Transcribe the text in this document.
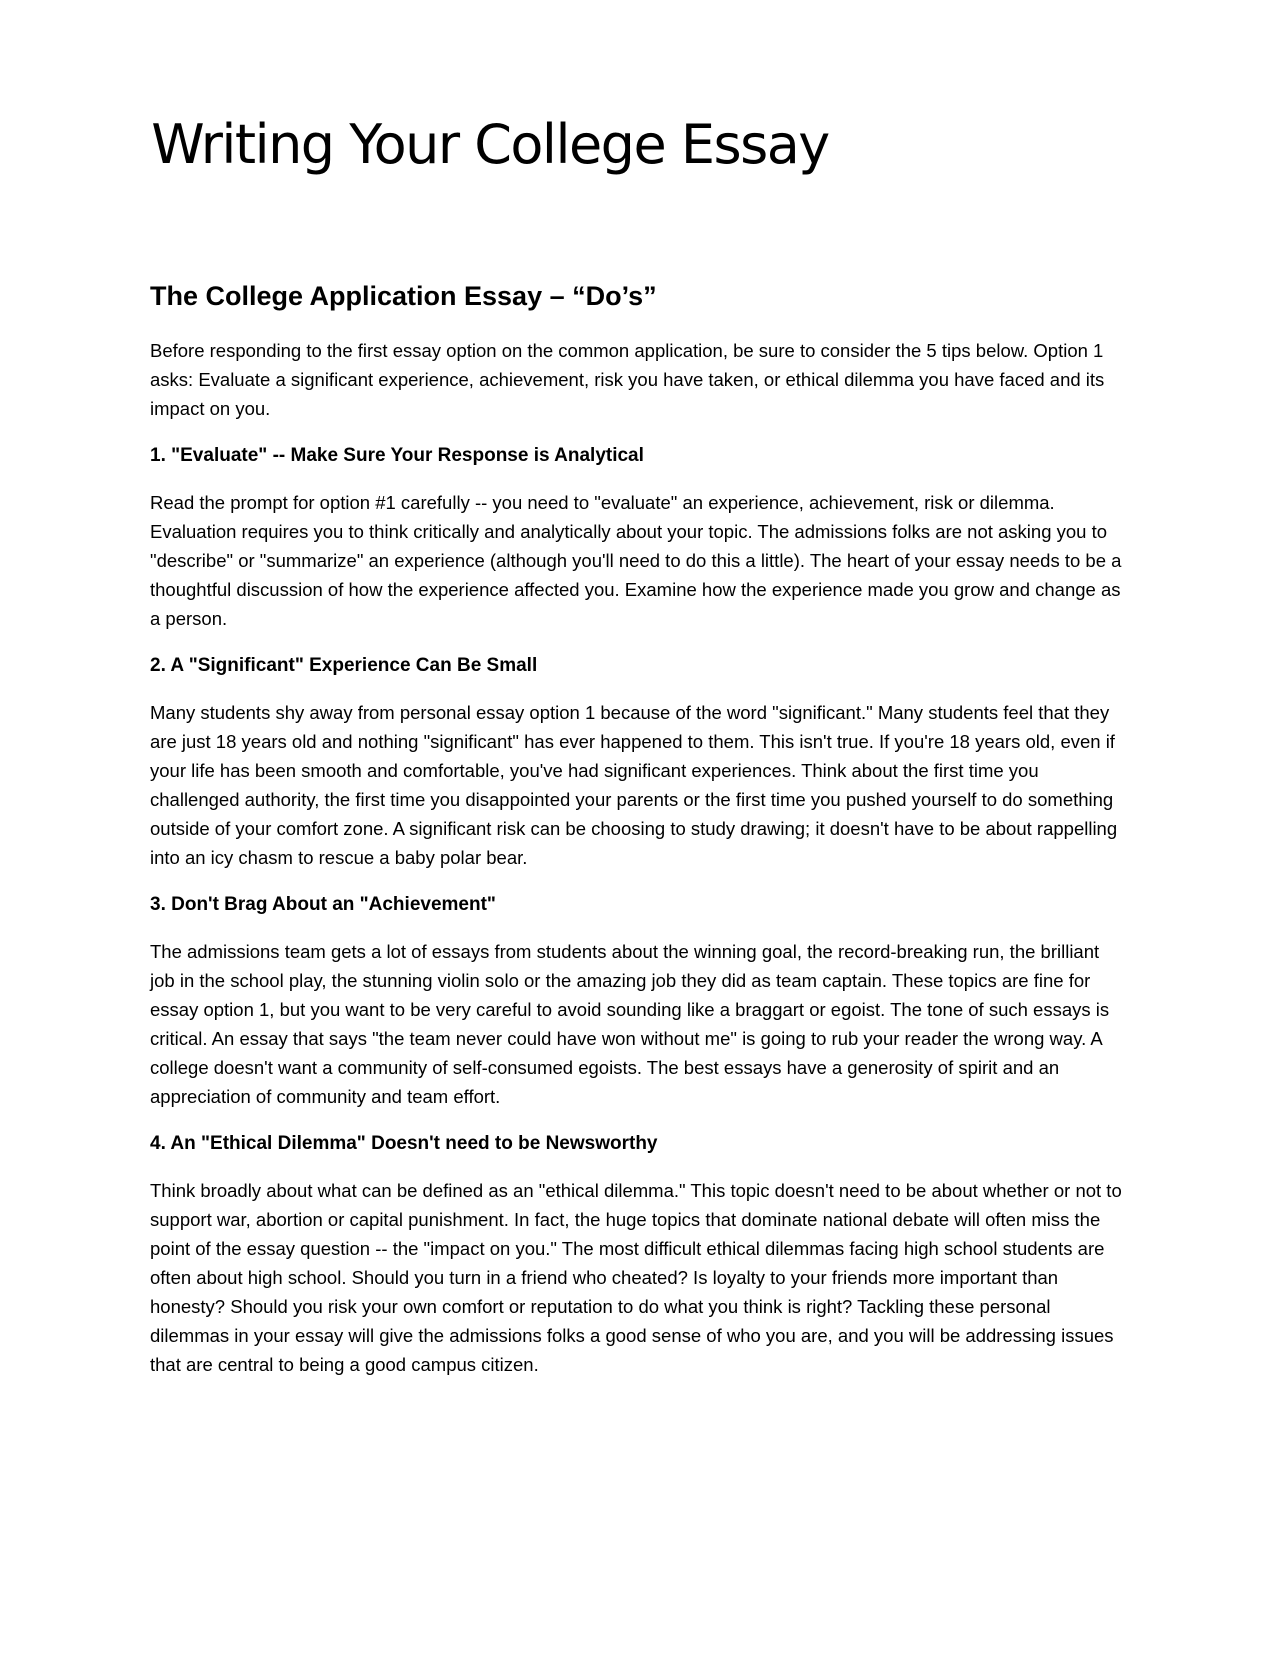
Writing Your College Essay
The College Application Essay – “Do’s”

Before responding to the first essay option on the common application, be sure to consider the 5 tips below. Option 1 asks: Evaluate a significant experience, achievement, risk you have taken, or ethical dilemma you have faced and its impact on you.

1. "Evaluate" -- Make Sure Your Response is Analytical

Read the prompt for option #1 carefully -- you need to "evaluate" an experience, achievement, risk or dilemma. Evaluation requires you to think critically and analytically about your topic. The admissions folks are not asking you to "describe" or "summarize" an experience (although you'll need to do this a little). The heart of your essay needs to be a thoughtful discussion of how the experience affected you. Examine how the experience made you grow and change as a person.

2. A "Significant" Experience Can Be Small

Many students shy away from personal essay option 1 because of the word "significant." Many students feel that they are just 18 years old and nothing "significant" has ever happened to them. This isn't true. If you're 18 years old, even if your life has been smooth and comfortable, you've had significant experiences. Think about the first time you challenged authority, the first time you disappointed your parents or the first time you pushed yourself to do something outside of your comfort zone. A significant risk can be choosing to study drawing; it doesn't have to be about rappelling into an icy chasm to rescue a baby polar bear.

3. Don't Brag About an "Achievement"

The admissions team gets a lot of essays from students about the winning goal, the record-breaking run, the brilliant job in the school play, the stunning violin solo or the amazing job they did as team captain. These topics are fine for essay option 1, but you want to be very careful to avoid sounding like a braggart or egoist. The tone of such essays is critical. An essay that says "the team never could have won without me" is going to rub your reader the wrong way. A college doesn't want a community of self-consumed egoists. The best essays have a generosity of spirit and an appreciation of community and team effort.

4. An "Ethical Dilemma" Doesn't need to be Newsworthy

Think broadly about what can be defined as an "ethical dilemma." This topic doesn't need to be about whether or not to support war, abortion or capital punishment. In fact, the huge topics that dominate national debate will often miss the point of the essay question -- the "impact on you." The most difficult ethical dilemmas facing high school students are often about high school. Should you turn in a friend who cheated? Is loyalty to your friends more important than honesty? Should you risk your own comfort or reputation to do what you think is right? Tackling these personal dilemmas in your essay will give the admissions folks a good sense of who you are, and you will be addressing issues that are central to being a good campus citizen.
